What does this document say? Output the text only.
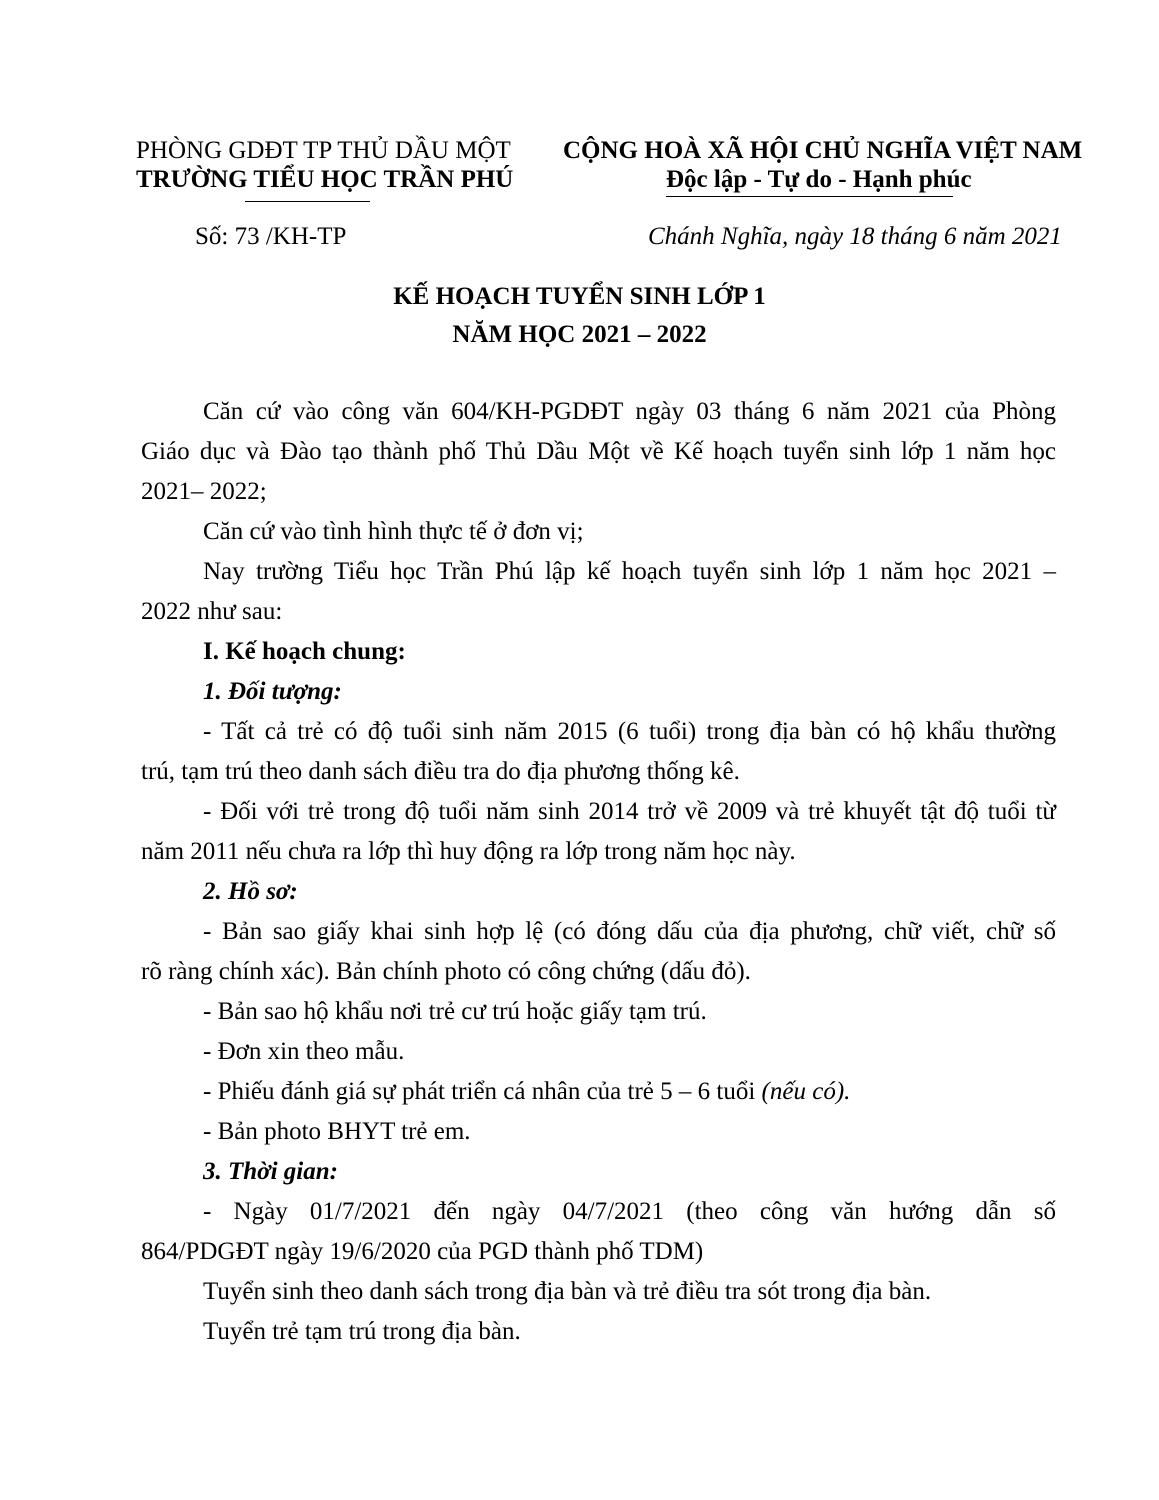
PHÒNG GDĐT TP THỦ DẦU MỘT
TRƯỜNG TIỂU HỌC TRẦN PHÚ
CỘNG HOÀ XÃ HỘI CHỦ NGHĨA VIỆT NAM
Độc lập - Tự do - Hạnh phúc
Số: 73 /KH-TP	Chánh Nghĩa, ngày 18 tháng 6 năm 2021
KẾ HOẠCH TUYỂN SINH LỚP 1
NĂM HỌC 2021 – 2022
Căn cứ vào công văn 604/KH-PGDĐT ngày 03 tháng 6 năm 2021 của Phòng
Giáo dục và Đào tạo thành phố Thủ Dầu Một về Kế hoạch tuyển sinh lớp 1 năm học
2021– 2022;
Căn cứ vào tình hình thực tế ở đơn vị;
Nay trường Tiểu học Trần Phú lập kế hoạch tuyển sinh lớp 1 năm học 2021 –
2022 như sau:
I. Kế hoạch chung:
1. Đối tượng:
- Tất cả trẻ có độ tuổi sinh năm 2015 (6 tuổi) trong địa bàn có hộ khẩu thường
trú, tạm trú theo danh sách điều tra do địa phương thống kê.
- Đối với trẻ trong độ tuổi năm sinh 2014 trở về 2009 và trẻ khuyết tật độ tuổi từ
năm 2011 nếu chưa ra lớp thì huy động ra lớp trong năm học này.
2. Hồ sơ:
- Bản sao giấy khai sinh hợp lệ (có đóng dấu của địa phương, chữ viết, chữ số
rõ ràng chính xác). Bản chính photo có công chứng (dấu đỏ).
- Bản sao hộ khẩu nơi trẻ cư trú hoặc giấy tạm trú.
- Đơn xin theo mẫu.
- Phiếu đánh giá sự phát triển cá nhân của trẻ 5 – 6 tuổi (nếu có).
- Bản photo BHYT trẻ em.
3. Thời gian:
- Ngày 01/7/2021 đến ngày 04/7/2021 (theo công văn hướng dẫn số
864/PDGĐT ngày 19/6/2020 của PGD thành phố TDM)
Tuyển sinh theo danh sách trong địa bàn và trẻ điều tra sót trong địa bàn.
Tuyển trẻ tạm trú trong địa bàn.
